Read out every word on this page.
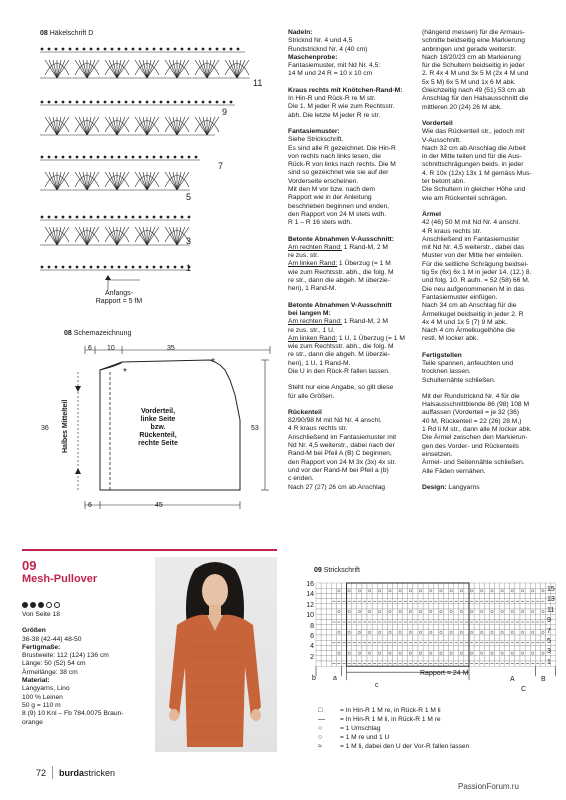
08 Häkelschrift D
11
9
7
5
3
1
Anfangs-
Rapport = 5 fM
08 Schemazeichnung
6 10	35
*
*
36	53
6	45
Halbes Mittelteil	Vorderteil,
linke Seite
bzw.
Rückenteil,
rechte Seite

Nadeln:

Stricknd Nr. 4 und 4,5

Rundstricknd Nr. 4 (40 cm)

Maschenprobe:

Fantasiemuster, mit Nd Nr. 4,5:

14 M und 24 R = 10 x 10 cm

Kraus rechts mit Knötchen-Rand-M:

In Hin-R und Rück-R re M str.

Die 1. M jeder R wie zum Rechtsstr.

abh. Die letzte M jeder R re str.

Fantasiemuster:

Siehe Strickschrift.

Es sind alle R gezeichnet. Die Hin-R

von rechts nach links lesen, die

Rück-R von links nach rechts. Die M

sind so gezeichnet wie sie auf der

Vorderseite erscheinen.

Mit den M vor bzw. nach dem

Rapport wie in der Anleitung

beschrieben beginnen und enden,

den Rapport von 24 M stets wdh.

R 1 – R 16 stets wdh.

Betonte Abnahmen V-Ausschnitt:

Am rechten Rand: 1 Rand-M, 2 M

re zus. str.

Am linken Rand: 1 Überzug (= 1 M

wie zum Rechtsstr. abh., die folg. M

re str., dann die abgeh. M überzie-

hen), 1 Rand-M.

Betonte Abnahmen V-Ausschnitt

bei langen M:

Am rechten Rand: 1 Rand-M, 2 M

re zus. str., 1 U.

Am linken Rand: 1 U, 1 Überzug (= 1 M

wie zum Rechtsstr. abh., die folg. M

re str., dann die abgeh. M überzie-

hen), 1 U, 1 Rand-M.

Die U in den Rück-R fallen lassen.

Steht nur eine Angabe, so gilt diese

für alle Größen.

Rückenteil

82/90/98 M mit Nd Nr. 4 anschl.

4 R kraus rechts str.

Anschließend im Fantasiemuster mit

Nd Nr. 4,5 weiterstr., dabei nach der

Rand-M bei Pfeil A (B) C beginnen,

den Rapport von 24 M 3x (3x) 4x str.

und vor der Rand-M bei Pfeil a (b)

c enden.

Nach 27 (27) 26 cm ab Anschlag

(hängend messen) für die Armaus-

schnitte beidseitig eine Markierung

anbringen und gerade weiterstr.

Nach 18/20/23 cm ab Markierung

für die Schultern beidseitig in jeder

2. R 4x 4 M und 3x 5 M (2x 4 M und

5x 5 M) 6x 5 M und 1x 6 M abk.

Gleichzeitig nach 49 (51) 53 cm ab

Anschlag für den Halsausschnitt die

mittleren 20 (24) 26 M abk.

Vorderteil

Wie das Rückenteil str., jedoch mit

V-Ausschnitt.

Nach 32 cm ab Anschlag die Arbeit

in der Mitte teilen und für die Aus-

schnittschrägungen beids. in jeder

4. R 10x (12x) 13x 1 M gemäss Mus-

ter betont abn.

Die Schultern in gleicher Höhe und

wie am Rückenteil schrägen.

Ärmel

42 (46) 50 M mit Nd Nr. 4 anschl.

4 R kraus rechts str.

Anschließend im Fantasiemuster

mit Nd Nr. 4,5 weiterstr., dabei das

Muster von der Mitte her einteilen.

Für die seitliche Schrägung beidsei-

tig 5x (6x) 6x 1 M in jeder 14. (12.) 8.

und folg. 10. R aufn. = 52 (58) 66 M.

Die neu aufgenommenen M in das

Fantasiemuster einfügen.

Nach 34 cm ab Anschlag für die

Ärmelkugel beidseitig in jeder 2. R

4x 4 M und 1x 5 (7) 9 M abk.

Nach 4 cm Ärmelkugelhöhe die

restl. M locker abk.

Fertigstellen

Teile spannen, anfeuchten und

trocknen lassen.

Schulternähte schließen.

Mit der Rundstricknd Nr. 4 für die

Halsausschnittblende 86 (98) 108 M

auffassen (Vorderteil = je 32 (36)

40 M, Rückenteil = 22 (26) 28 M,)

1 Rd li M str., dann alle M locker abk.

Die Ärmel zwischen den Markierun-

gen des Vorder- und Rückenteils

einsetzen.

Ärmel- und Seitennähte schließen.

Alle Fäden vernähen.

Design: Langyarns

09
Mesh-Pullover

Von Seite 18

Größen

36-38 (42-44) 48-50

Fertigmaße:

Brustweite: 112 (124) 136 cm

Länge: 50 (52) 54 cm

Ärmellänge: 38 cm

Material:

Langyarns, Lino

100 % Leinen

50 g = 110 m

8 (9) 10 Knl – Fb 784.0075 Braun-

orange

09 Strickschrift
16
14
12
10
8
6
4
2
15
13
11
9
7
5
3
1
b a
c
Rapport = 24 M
A
C
B
□	= In Hin-R 1 M re, in Rück-R 1 M li
— = In Hin-R 1 M li, in Rück-R 1 M re
○	= 1 Umschlag
○	= 1 M re und 1 U
≈	= 1 M li, dabei den U der Vor-R fallen lassen
72 burdastricken
PassionForum.ru
